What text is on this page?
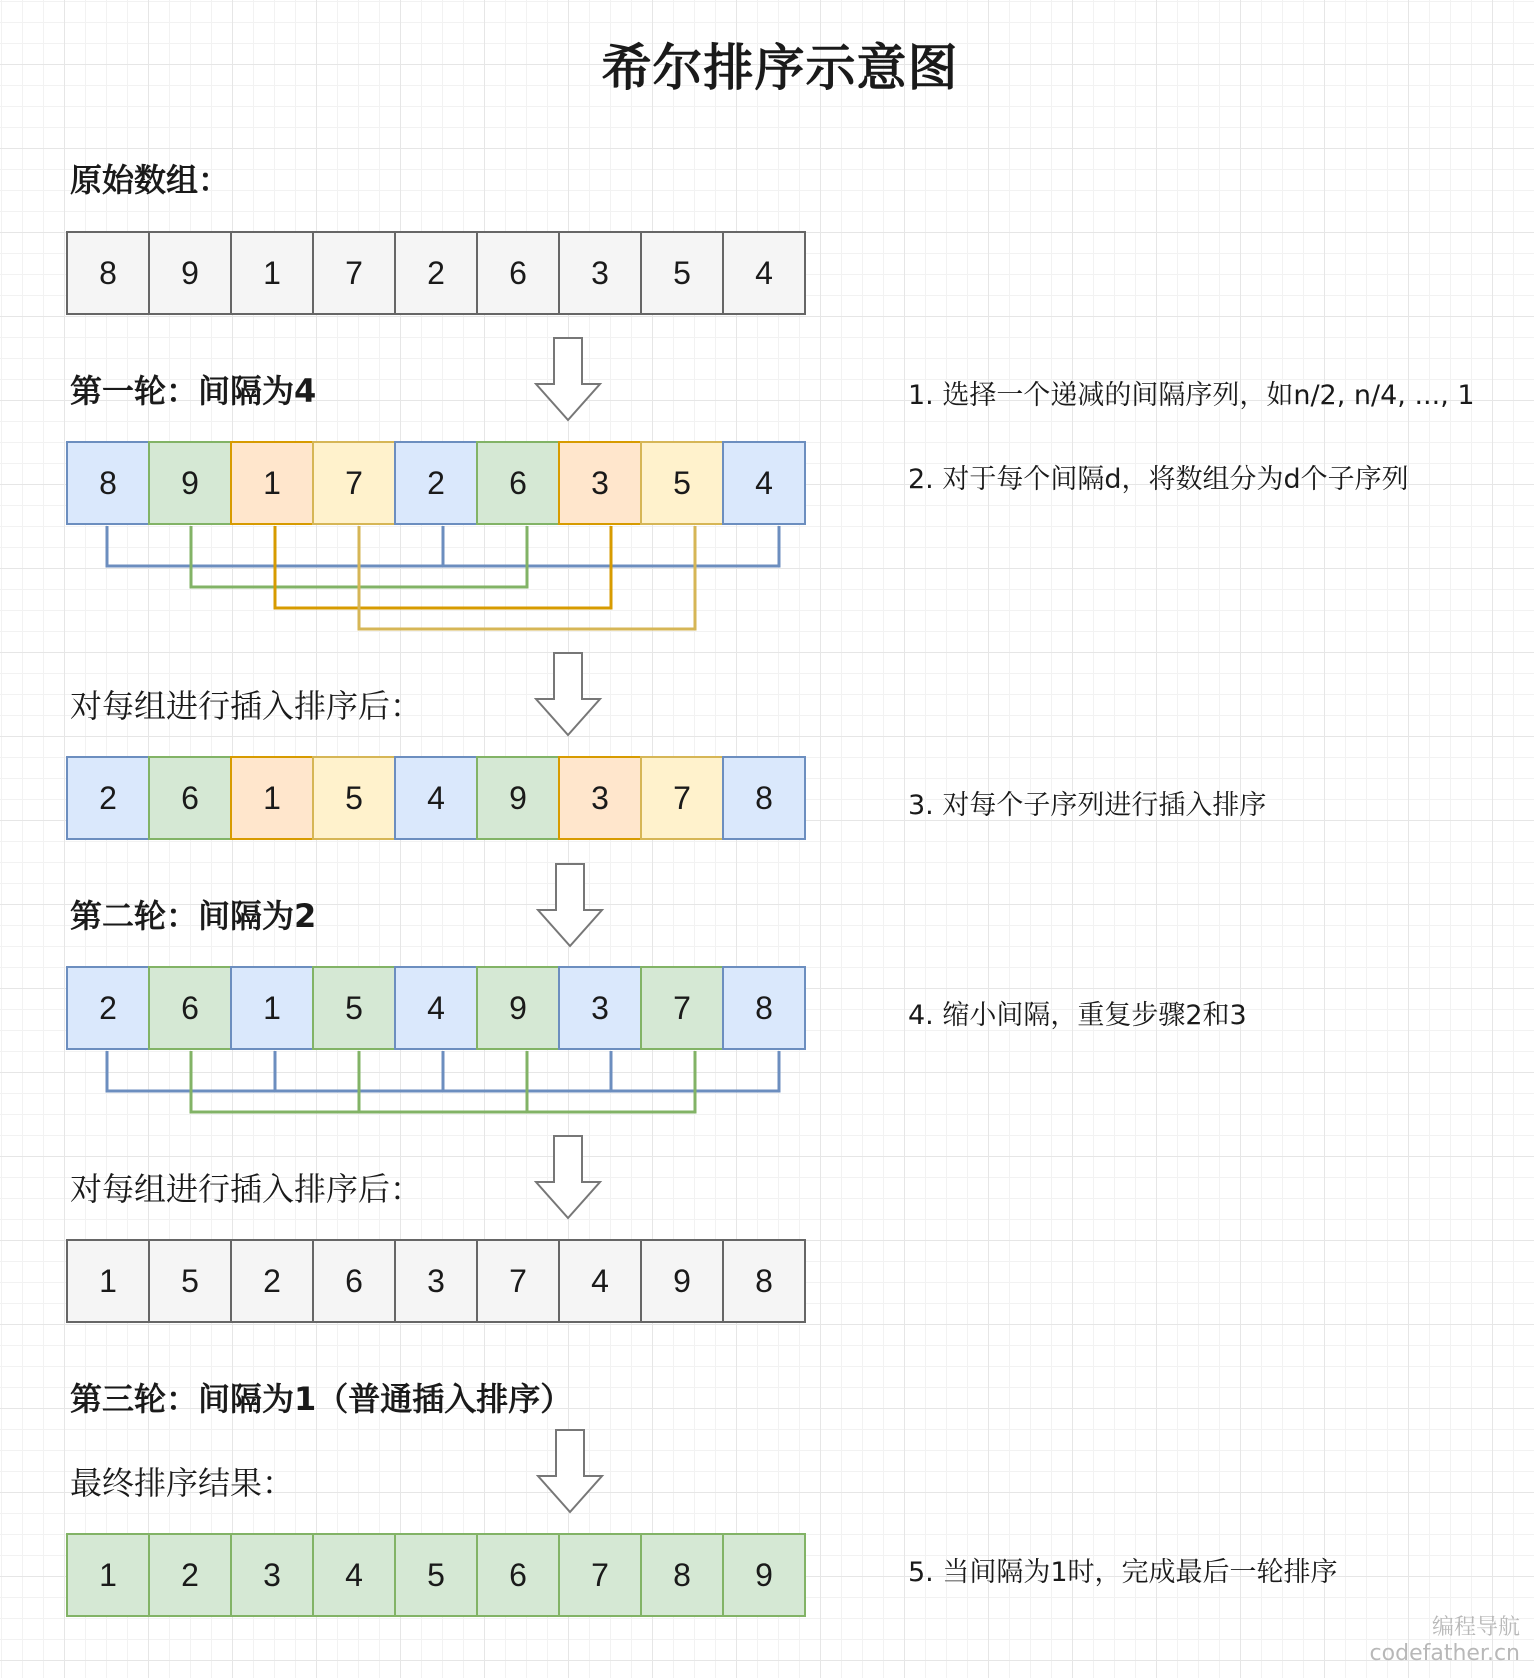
希尔排序示意图
原始数组：
8	9	1	7	2	6	3	5	4
第一轮：间隔为4	1. 选择一个递减的间隔序列，如n/2, n/4, ..., 1
2. 对于每个间隔d，将数组分为d个子序列
8	9	1	7	2	6	3	5	4
对每组进行插入排序后：
2	6	1	5	4	9	3	7	8	3. 对每个子序列进行插入排序
第二轮：间隔为2
2	6	1	5	4	9	3	7	8	4. 缩小间隔，重复步骤2和3
对每组进行插入排序后：
1	5	2	6	3	7	4	9	8
第三轮：间隔为1（普通插入排序）
最终排序结果：
1	2	3	4	5	6	7	8	9	5. 当间隔为1时，完成最后一轮排序
编程导航
codefather.cn
